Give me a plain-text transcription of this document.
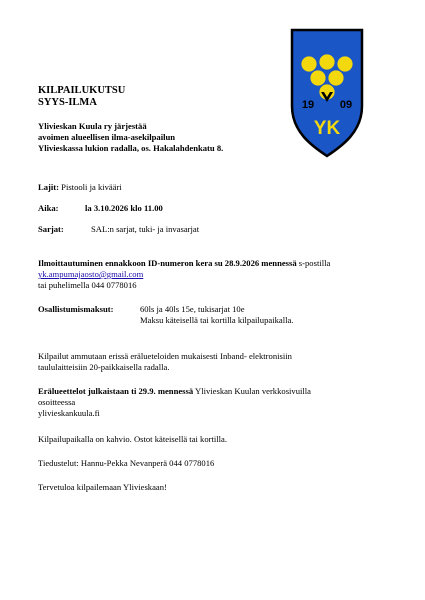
19 09
YK
KILPAILUKUTSU
SYYS-ILMA
Ylivieskan Kuula ry järjestää
avoimen alueellisen ilma-asekilpailun
Ylivieskassa lukion radalla, os. Hakalahdenkatu 8.
Lajit: Pistooli ja kivääri
Aika:	la 3.10.2026 klo 11.00
Sarjat:	SAL:n sarjat, tuki- ja invasarjat
Ilmoittautuminen ennakkoon ID-numeron kera su 28.9.2026 mennessä s-postilla
yk.ampumajaosto@gmail.com
tai puhelimella 044 0778016
Osallistumismaksut:	60ls ja 40ls 15e, tukisarjat 10e
Maksu käteisellä tai kortilla kilpailupaikalla.
Kilpailut ammutaan erissä erälueteloiden mukaisesti Inband- elektronisiin
taululaitteisiin 20-paikkaisella radalla.
Erälueettelot julkaistaan ti 29.9. mennessä Ylivieskan Kuulan verkkosivuilla
osoitteessa
ylivieskankuula.fi
Kilpailupaikalla on kahvio. Ostot käteisellä tai kortilla.
Tiedustelut: Hannu-Pekka Nevanperä 044 0778016
Tervetuloa kilpailemaan Ylivieskaan!
